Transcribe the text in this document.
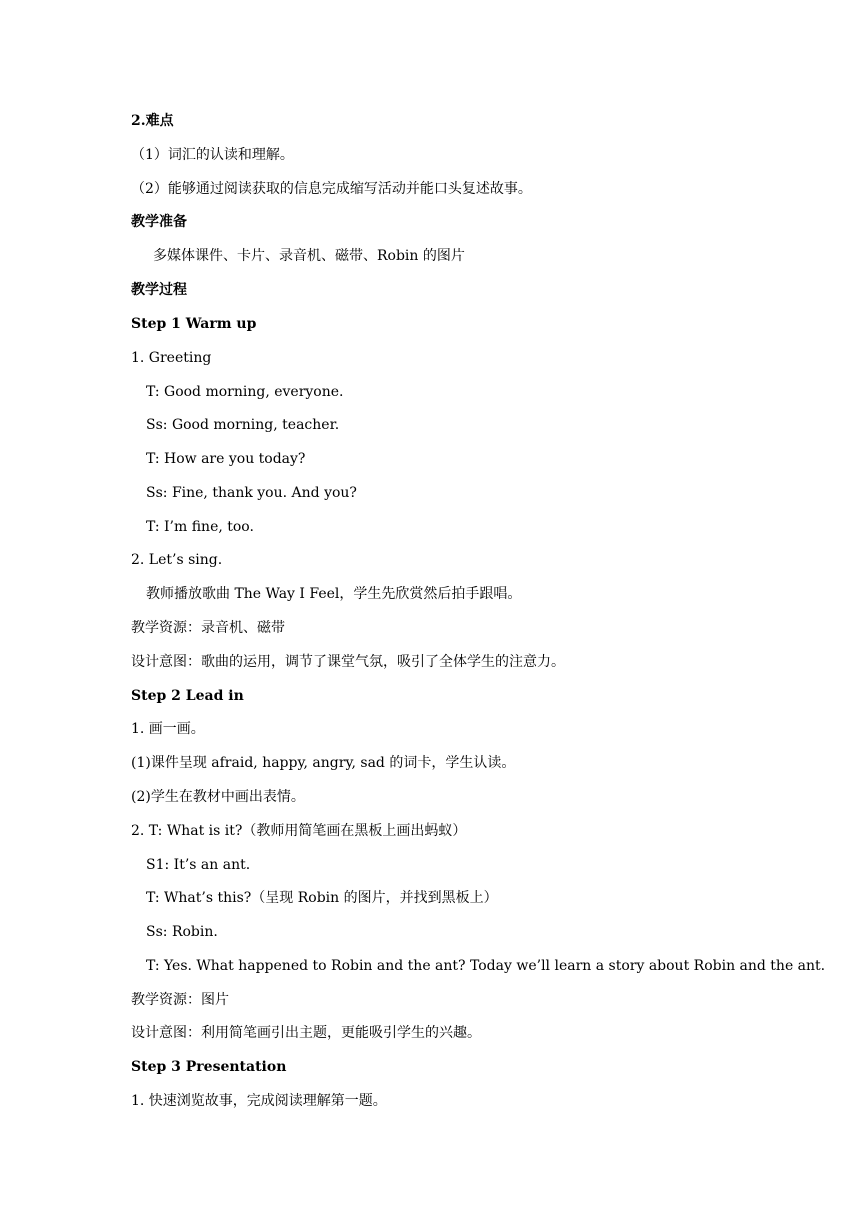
2.难点
（1）词汇的认读和理解。
（2）能够通过阅读获取的信息完成缩写活动并能口头复述故事。
教学准备
多媒体课件、卡片、录音机、磁带、Robin 的图片
教学过程
Step 1 Warm up
1. Greeting
T: Good morning, everyone.
Ss: Good morning, teacher.
T: How are you today?
Ss: Fine, thank you. And you?
T: I’m fine, too.
2. Let’s sing.
教师播放歌曲 The Way I Feel，学生先欣赏然后拍手跟唱。
教学资源：录音机、磁带
设计意图：歌曲的运用，调节了课堂气氛，吸引了全体学生的注意力。
Step 2 Lead in
1. 画一画。
(1)课件呈现 afraid, happy, angry, sad 的词卡，学生认读。
(2)学生在教材中画出表情。
2. T: What is it?（教师用简笔画在黑板上画出蚂蚁）
S1: It’s an ant.
T: What’s this?（呈现 Robin 的图片，并找到黑板上）
Ss: Robin.
T: Yes. What happened to Robin and the ant? Today we’ll learn a story about Robin and the ant.
教学资源：图片
设计意图：利用简笔画引出主题，更能吸引学生的兴趣。
Step 3 Presentation
1. 快速浏览故事，完成阅读理解第一题。
